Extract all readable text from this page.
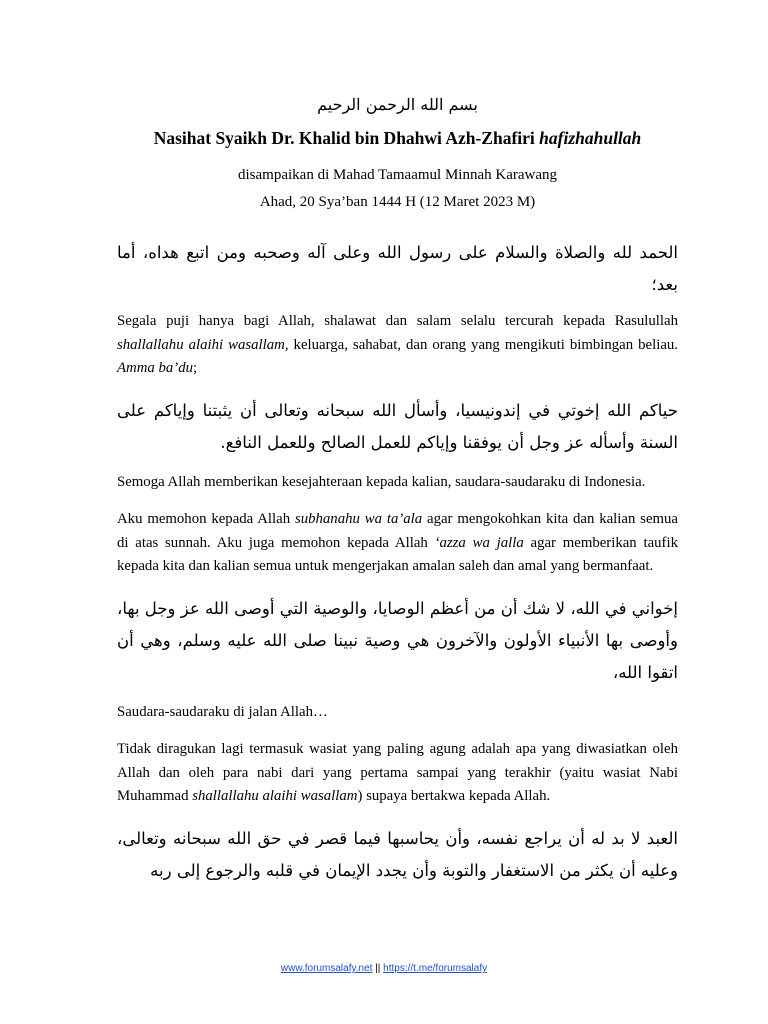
بسم الله الرحمن الرحيم

Nasihat Syaikh Dr. Khalid bin Dhahwi Azh-Zhafiri hafizhahullah

disampaikan di Mahad Tamaamul Minnah Karawang

Ahad, 20 Sya’ban 1444 H (12 Maret 2023 M)

الحمد لله والصلاة والسلام على رسول الله وعلى آله وصحبه ومن اتبع هداه، أما بعد؛

Segala puji hanya bagi Allah, shalawat dan salam selalu tercurah kepada Rasulullah shallallahu alaihi wasallam, keluarga, sahabat, dan orang yang mengikuti bimbingan beliau. Amma ba’du;

حياكم الله إخوتي في إندونيسيا، وأسأل الله سبحانه وتعالى أن يثبتنا وإياكم على السنة وأسأله عز وجل أن يوفقنا وإياكم للعمل الصالح وللعمل النافع.

Semoga Allah memberikan kesejahteraan kepada kalian, saudara-saudaraku di Indonesia.

Aku memohon kepada Allah subhanahu wa ta’ala agar mengokohkan kita dan kalian semua di atas sunnah. Aku juga memohon kepada Allah ‘azza wa jalla agar memberikan taufik kepada kita dan kalian semua untuk mengerjakan amalan saleh dan amal yang bermanfaat.

إخواني في الله، لا شك أن من أعظم الوصايا، والوصية التي أوصى الله عز وجل بها، وأوصى بها الأنبياء الأولون والآخرون هي وصية نبينا صلى الله عليه وسلم، وهي أن اتقوا الله،

Saudara-saudaraku di jalan Allah…

Tidak diragukan lagi termasuk wasiat yang paling agung adalah apa yang diwasiatkan oleh Allah dan oleh para nabi dari yang pertama sampai yang terakhir (yaitu wasiat Nabi Muhammad shallallahu alaihi wasallam) supaya bertakwa kepada Allah.

العبد لا بد له أن يراجع نفسه، وأن يحاسبها فيما قصر في حق الله سبحانه وتعالى، وعليه أن يكثر من الاستغفار والتوبة وأن يجدد الإيمان في قلبه والرجوع إلى ربه

www.forumsalafy.net || https://t.me/forumsalafy
